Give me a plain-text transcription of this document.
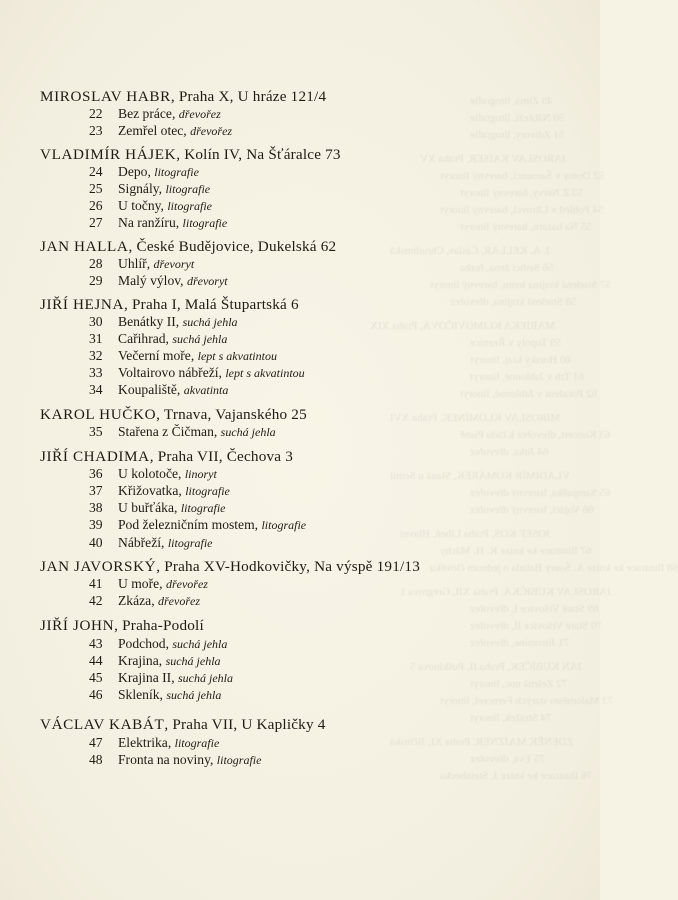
49 Zima, litografie
50 Nábřeží, litografie
51 Zdivory, litografie
JAROSLAV KAISER, Praha XV
52 Domy v Šarounci, barevný linoryt
53 Z Nervy, barevný linoryt
54 Pohled v Litrovci, barevný linoryt
55 Na bazaru, barevný linoryt
J. A. KELLAR, Čáslav, Chrudimská
56 Sedící žena, řezba
57 Studená krajina lomu, barevný linoryt
58 Studená krajina, dřevořez
MARIEKA KLIMOVIČOVÁ, Praha XIX
59 Topoly v Řezníce
60 Horský kraj, linoryt
61 Trh v Jablonné, linoryt
62 Poražení v Jablonné, linoryt
MIROSLAV KLOMÍNEK, Praha XVI
63 Koncert, dřevořez k řádu Písně
64 Jitka, dřevořez
VLADIMÍR KOMÁREK, Slaná u Semil
65 Sampaška, barevný dřevořez
66 Vojáci, barevný dřevořez
JOSEF KOS, Praha Libeň, Hlavní
67 Ilustrace ke knize K. H. Máchy
68 Ilustrace ke knize A. Šoury Balada o jednom člověku
JAROSLAV KUBIČKA, Praha XII, Grégrova 1
69 Staré Vršovice I, dřevořez
70 Staré Vršovice II, dřevořez
71 Jitromine, dřevořez
JAN KUBÍČEK, Praha II, Puškinova 5
72 Zelená noc, linoryt
73 Maloměsto starých Fernceel, linoryt
74 Strážek, linoryt
ZDENĚK MAJZNER, Praha XI, Jičínská
75 Eva, dřevořez
76 Ilustrace ke knize J. Steinbecka
MIROSLAV HABR, Praha X, U hráze 121/4
22	Bez práce, dřevořez
23	Zemřel otec, dřevořez
VLADIMÍR HÁJEK, Kolín IV, Na Šťáralce 73
24	Depo, litografie
25	Signály, litografie
26	U točny, litografie
27	Na ranžíru, litografie
JAN HALLA, České Budějovice, Dukelská 62
28	Uhlíř, dřevoryt
29	Malý výlov, dřevoryt
JIŘÍ HEJNA, Praha I, Malá Štupartská 6
30	Benátky II, suchá jehla
31	Cařihrad, suchá jehla
32	Večerní moře, lept s akvatintou
33	Voltairovo nábřeží, lept s akvatintou
34	Koupaliště, akvatinta
KAROL HUČKO, Trnava, Vajanského 25
35	Stařena z Čičman, suchá jehla
JIŘÍ CHADIMA, Praha VII, Čechova 3
36	U kolotoče, linoryt
37	Křižovatka, litografie
38	U buřťáka, litografie
39	Pod železničním mostem, litografie
40	Nábřeží, litografie
JAN JAVORSKÝ, Praha XV-Hodkovičky, Na výspě 191/13
41	U moře, dřevořez
42	Zkáza, dřevořez
JIŘÍ JOHN, Praha-Podolí
43	Podchod, suchá jehla
44	Krajina, suchá jehla
45	Krajina II, suchá jehla
46	Skleník, suchá jehla
VÁCLAV KABÁT, Praha VII, U Kapličky 4
47	Elektrika, litografie
48	Fronta na noviny, litografie
